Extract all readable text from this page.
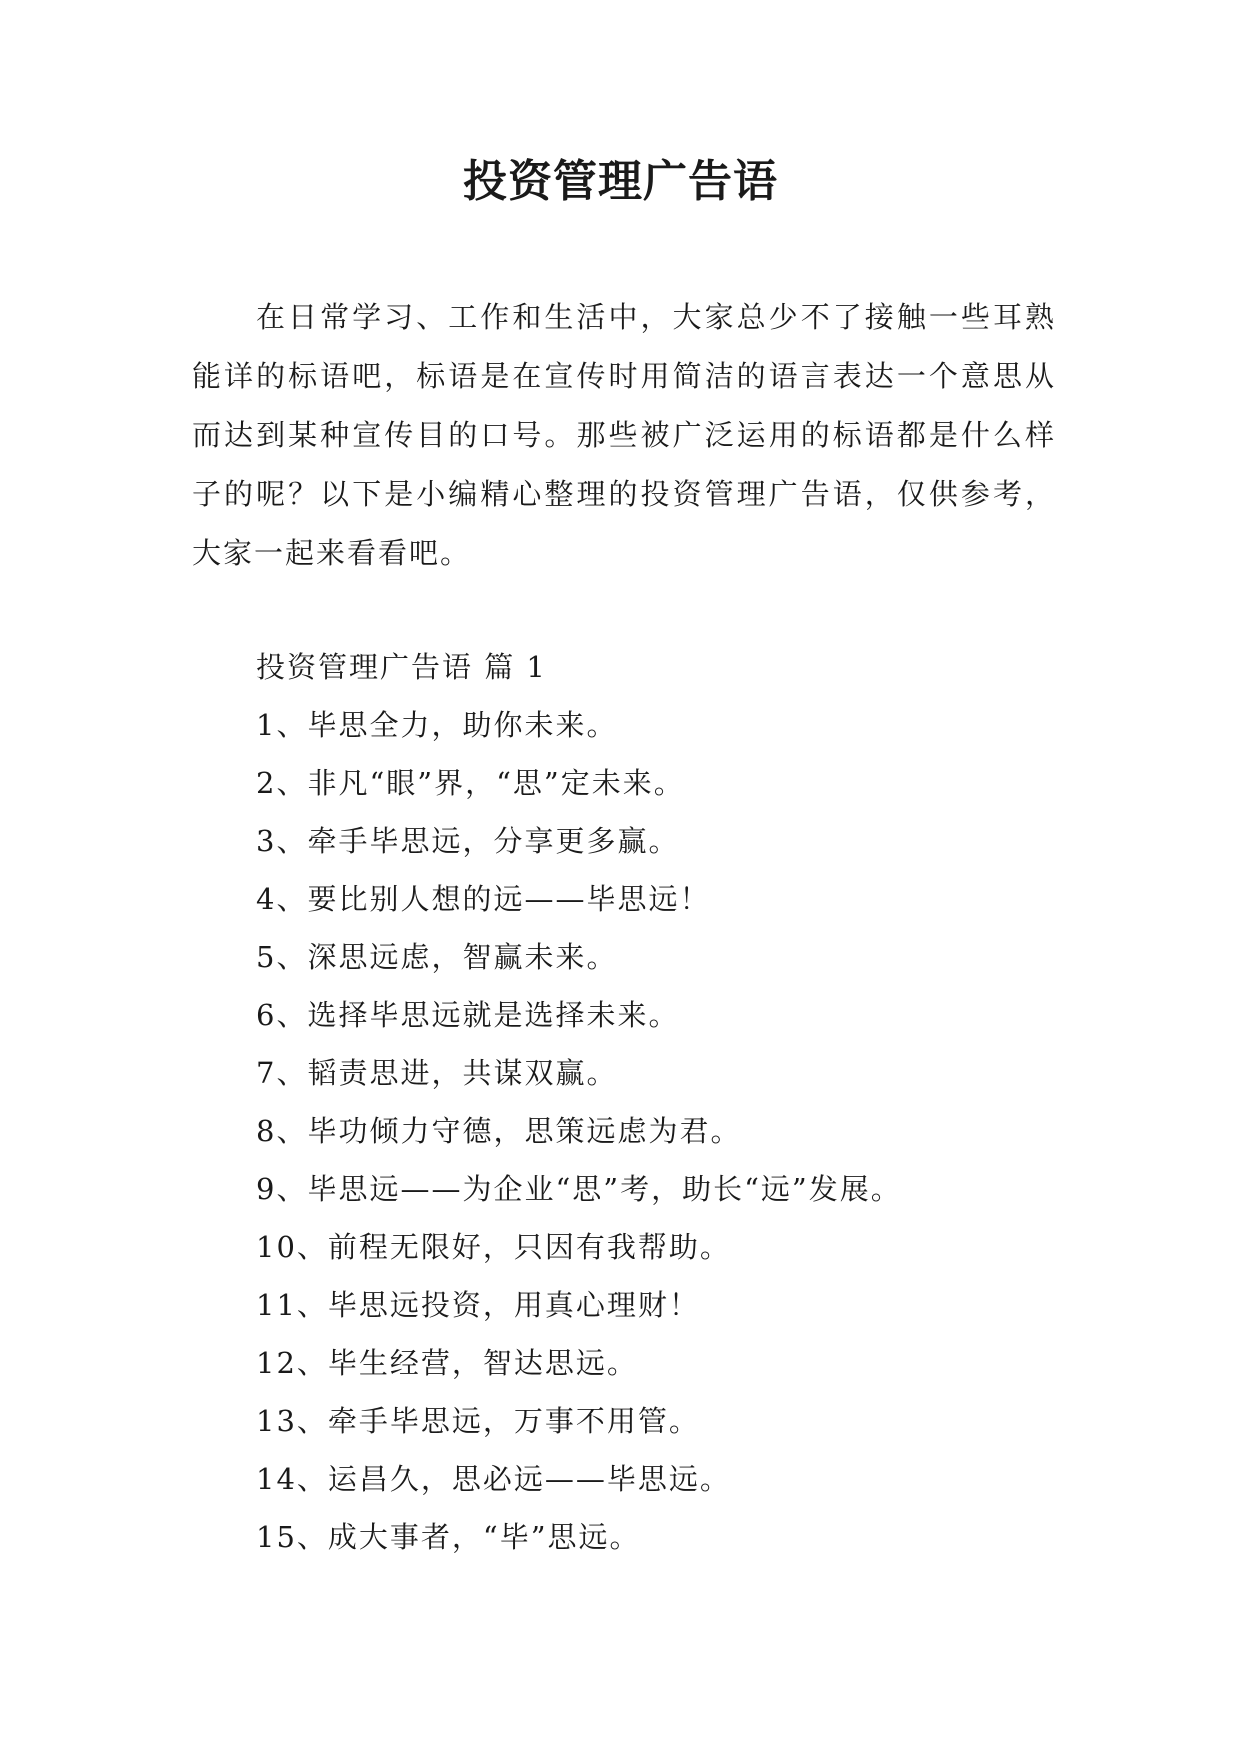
投资管理广告语

在日常学习、工作和生活中，大家总少不了接触一些耳熟能详的标语吧，标语是在宣传时用简洁的语言表达一个意思从而达到某种宣传目的口号。那些被广泛运用的标语都是什么样子的呢？以下是小编精心整理的投资管理广告语，仅供参考，大家一起来看看吧。

投资管理广告语 篇 1
1、毕思全力，助你未来。
2、非凡“眼”界，“思”定未来。
3、牵手毕思远，分享更多赢。
4、要比别人想的远——毕思远！
5、深思远虑，智赢未来。
6、选择毕思远就是选择未来。
7、韬责思进，共谋双赢。
8、毕功倾力守德，思策远虑为君。
9、毕思远——为企业“思”考，助长“远”发展。
10、前程无限好，只因有我帮助。
11、毕思远投资，用真心理财！
12、毕生经营，智达思远。
13、牵手毕思远，万事不用管。
14、运昌久，思必远——毕思远。
15、成大事者，“毕”思远。
